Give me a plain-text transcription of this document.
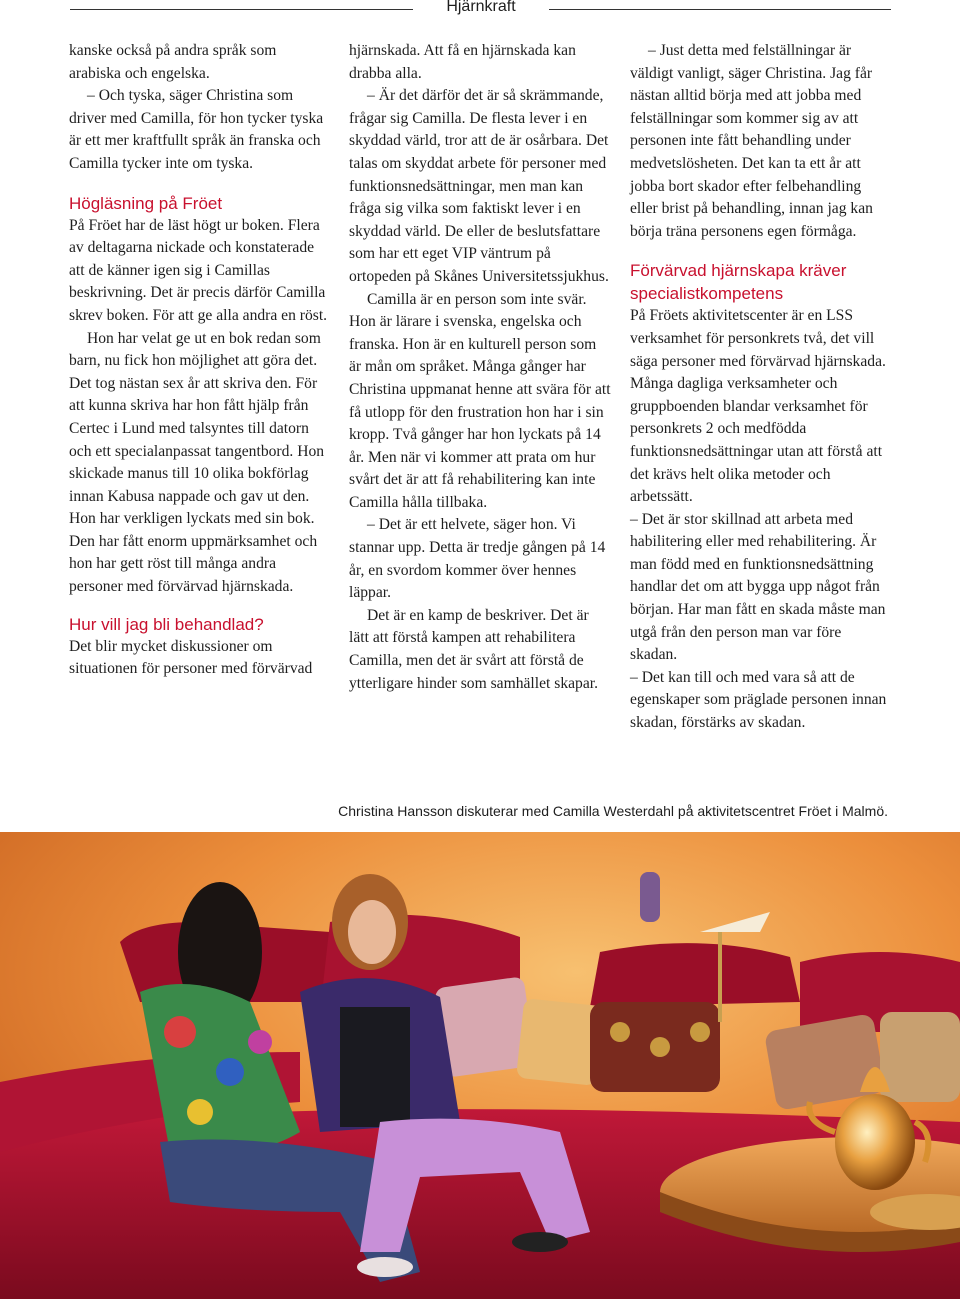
Hjärnkraft

kanske också på andra språk som arabiska och engelska.

– Och tyska, säger Christina som driver med Camilla, för hon tycker tyska är ett mer kraftfullt språk än franska och Camilla tycker inte om tyska.

Högläsning på Fröet

På Fröet har de läst högt ur boken. Flera av deltagarna nickade och konstaterade att de känner igen sig i Camillas beskrivning. Det är precis därför Camilla skrev boken. För att ge alla andra en röst.

Hon har velat ge ut en bok redan som barn, nu fick hon möjlighet att göra det. Det tog nästan sex år att skriva den. För att kunna skriva har hon fått hjälp från Certec i Lund med talsyntes till datorn och ett specialanpassat tangentbord. Hon skickade manus till 10 olika bokförlag innan Kabusa nappade och gav ut den. Hon har verkligen lyckats med sin bok. Den har fått enorm uppmärksamhet och hon har gett röst till många andra personer med förvärvad hjärnskada.

Hur vill jag bli behandlad?

Det blir mycket diskussioner om situationen för personer med förvärvad

hjärnskada. Att få en hjärnskada kan drabba alla.

– Är det därför det är så skrämmande, frågar sig Camilla. De flesta lever i en skyddad värld, tror att de är osårbara. Det talas om skyddat arbete för personer med funktionsnedsättningar, men man kan fråga sig vilka som faktiskt lever i en skyddad värld. De eller de beslutsfattare som har ett eget VIP väntrum på ortopeden på Skånes Universitetssjukhus.

Camilla är en person som inte svär. Hon är lärare i svenska, engelska och franska. Hon är en kulturell person som är mån om språket. Många gånger har Christina uppmanat henne att svära för att få utlopp för den frustration hon har i sin kropp. Två gånger har hon lyckats på 14 år. Men när vi kommer att prata om hur svårt det är att få rehabilitering kan inte Camilla hålla tillbaka.

– Det är ett helvete, säger hon. Vi stannar upp. Detta är tredje gången på 14 år, en svordom kommer över hennes läppar.

Det är en kamp de beskriver. Det är lätt att förstå kampen att rehabilitera Camilla, men det är svårt att förstå de ytterligare hinder som samhället skapar.

– Just detta med felställningar är väldigt vanligt, säger Christina. Jag får nästan alltid börja med att jobba med felställningar som kommer sig av att personen inte fått behandling under medvetslösheten. Det kan ta ett år att jobba bort skador efter felbehandling eller brist på behandling, innan jag kan börja träna personens egen förmåga.

Förvärvad hjärnskapa kräver specialistkompetens

På Fröets aktivitetscenter är en LSS verksamhet för personkrets två, det vill säga personer med förvärvad hjärnskada. Många dagliga verksamheter och gruppboenden blandar verksamhet för personkrets 2 och medfödda funktionsnedsättningar utan att förstå att det krävs helt olika metoder och arbetssätt.

– Det är stor skillnad att arbeta med habilitering eller med rehabilitering. Är man född med en funktionsnedsättning handlar det om att bygga upp något från början. Har man fått en skada måste man utgå från den person man var före skadan.

– Det kan till och med vara så att de egenskaper som präglade personen innan skadan, förstärks av skadan.

Christina Hansson diskuterar med Camilla Westerdahl på aktivitetscentret Fröet i Malmö.
